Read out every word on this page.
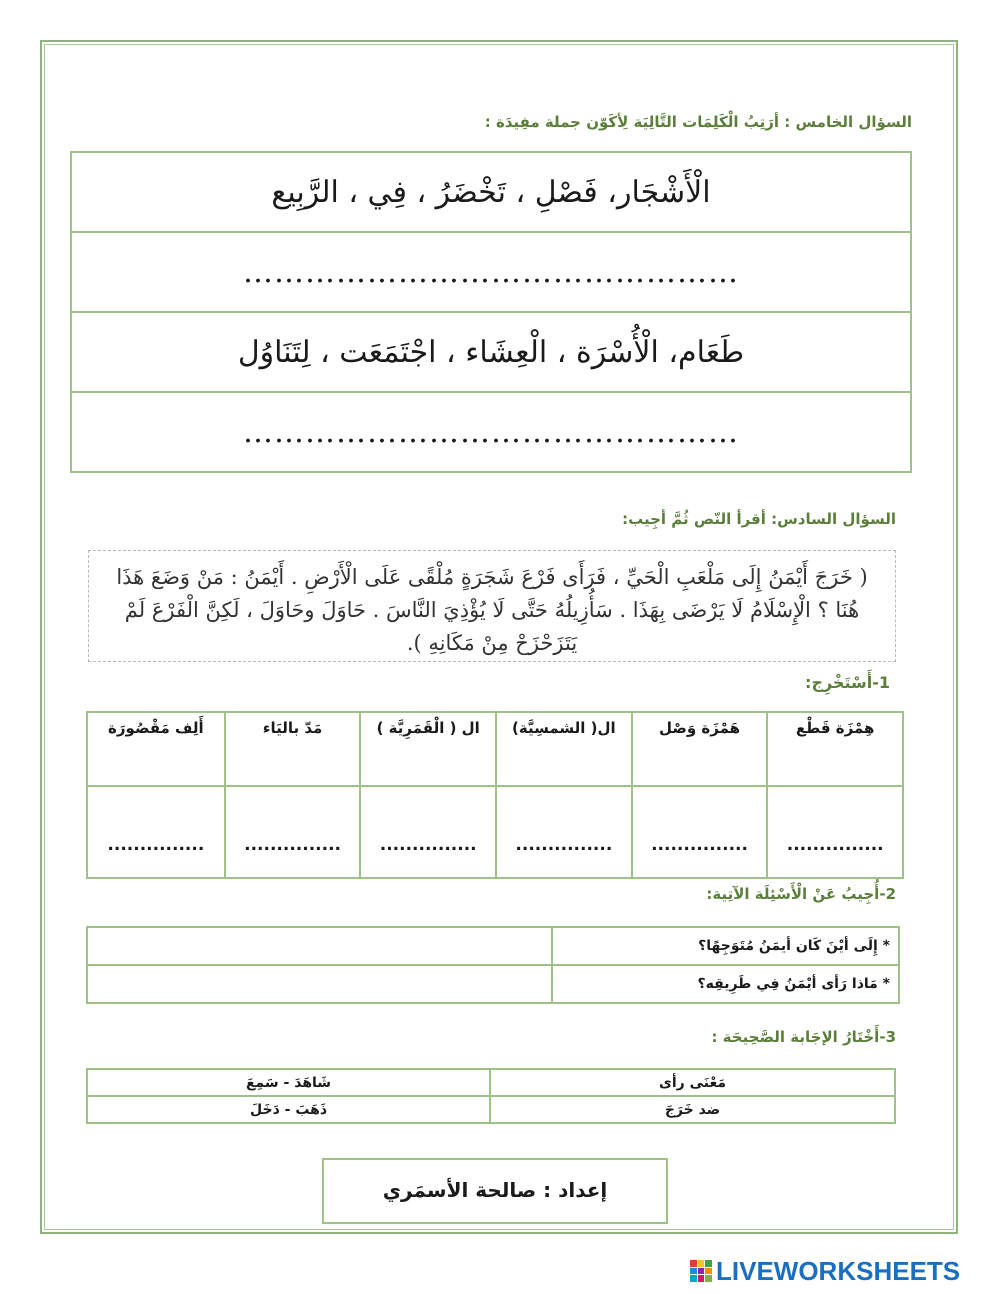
السؤال الخامس : أرَتِبُ الْكَلِمَات التَّالِيَة لِأكَوّن جملة مفِيدَة :
الْأَشْجَار، فَصْلِ ، تَخْضَرُ ، فِي ، الرَّبِيع
…………………………………………
طَعَام، الْأُسْرَة ، الْعِشَاء ، اجْتَمَعَت ، لِتَنَاوُل
…………………………………………
السؤال السادس: أقرأ النّص ثُمَّ أجِيب:
( خَرَجَ أَيْمَنُ إِلَى مَلْعَبِ الْحَيِّ ، فَرَأَى فَرْعَ شَجَرَةٍ مُلْقًى عَلَى الْأَرْضِ . أَيْمَنُ : مَنْ وَضَعَ هَذَا هُنَا ؟ الْإِسْلَامُ لَا يَرْضَى بِهَذَا . سَأُزِيلُهُ حَتَّى لَا يُؤْذِيَ النَّاسَ . حَاوَلَ وحَاوَلَ ، لَكِنَّ الْفَرْعَ لَمْ يَتَزَحْزَحْ مِنْ مَكَانِهِ ).
1-أَسْتَخْرِج:
هِمْزَة قَطْع	هَمْزَة وَصْل	ال( الشمسِيَّة)	ال ( الْقَمَرِيَّة )	مَدّ باليَاء	أَلِف مَقْصُورَة
...............	...............	...............	...............	...............	...............
2-أُجِيبُ عَنْ الْأَسْئِلَة الآتِية:
* إِلَى أيْنَ كَان أيمَنُ مُتَوَجِهًا؟	
* مَاذا رَأى أيْمَنُ فِي طَرِيقِه؟	
3-أَخْتَارُ الإجَابة الصَّحِيحَة :
مَعْنَى رأى	شَاهَدَ - سَمِعَ
ضد خَرَجَ	ذَهَبَ - دَخَلَ
إعداد : صالحة الأسمَري
LIVEWORKSHEETS
